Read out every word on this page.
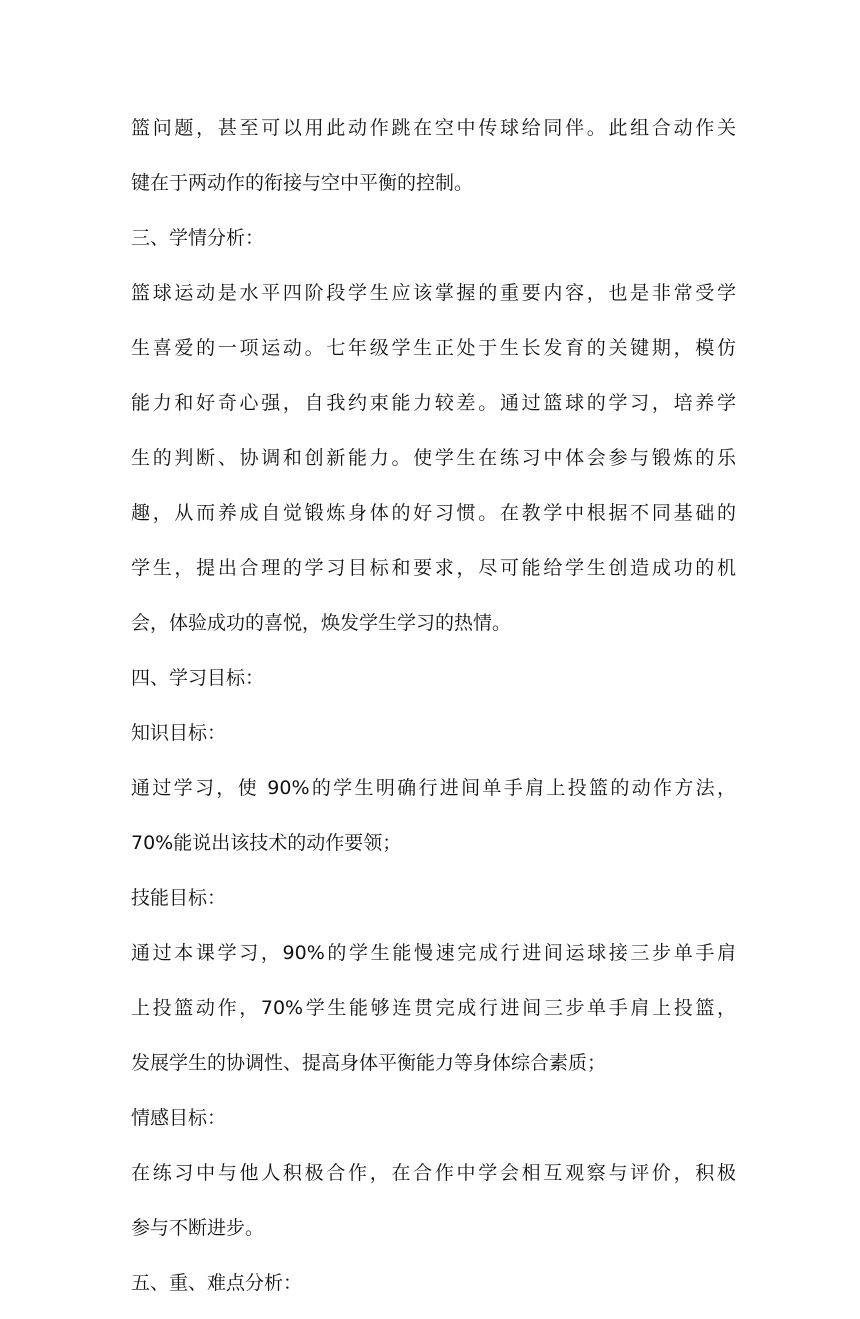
篮问题，甚至可以用此动作跳在空中传球给同伴。此组合动作关
键在于两动作的衔接与空中平衡的控制。
三、学情分析：
篮球运动是水平四阶段学生应该掌握的重要内容，也是非常受学
生喜爱的一项运动。七年级学生正处于生长发育的关键期，模仿
能力和好奇心强，自我约束能力较差。通过篮球的学习，培养学
生的判断、协调和创新能力。使学生在练习中体会参与锻炼的乐
趣，从而养成自觉锻炼身体的好习惯。在教学中根据不同基础的
学生，提出合理的学习目标和要求，尽可能给学生创造成功的机
会，体验成功的喜悦，焕发学生学习的热情。
四、学习目标：
知识目标：
通过学习，使 90%的学生明确行进间单手肩上投篮的动作方法，
70%能说出该技术的动作要领；
技能目标：
通过本课学习，90%的学生能慢速完成行进间运球接三步单手肩
上投篮动作，70%学生能够连贯完成行进间三步单手肩上投篮，
发展学生的协调性、提高身体平衡能力等身体综合素质；
情感目标：
在练习中与他人积极合作，在合作中学会相互观察与评价，积极
参与不断进步。
五、重、难点分析：
